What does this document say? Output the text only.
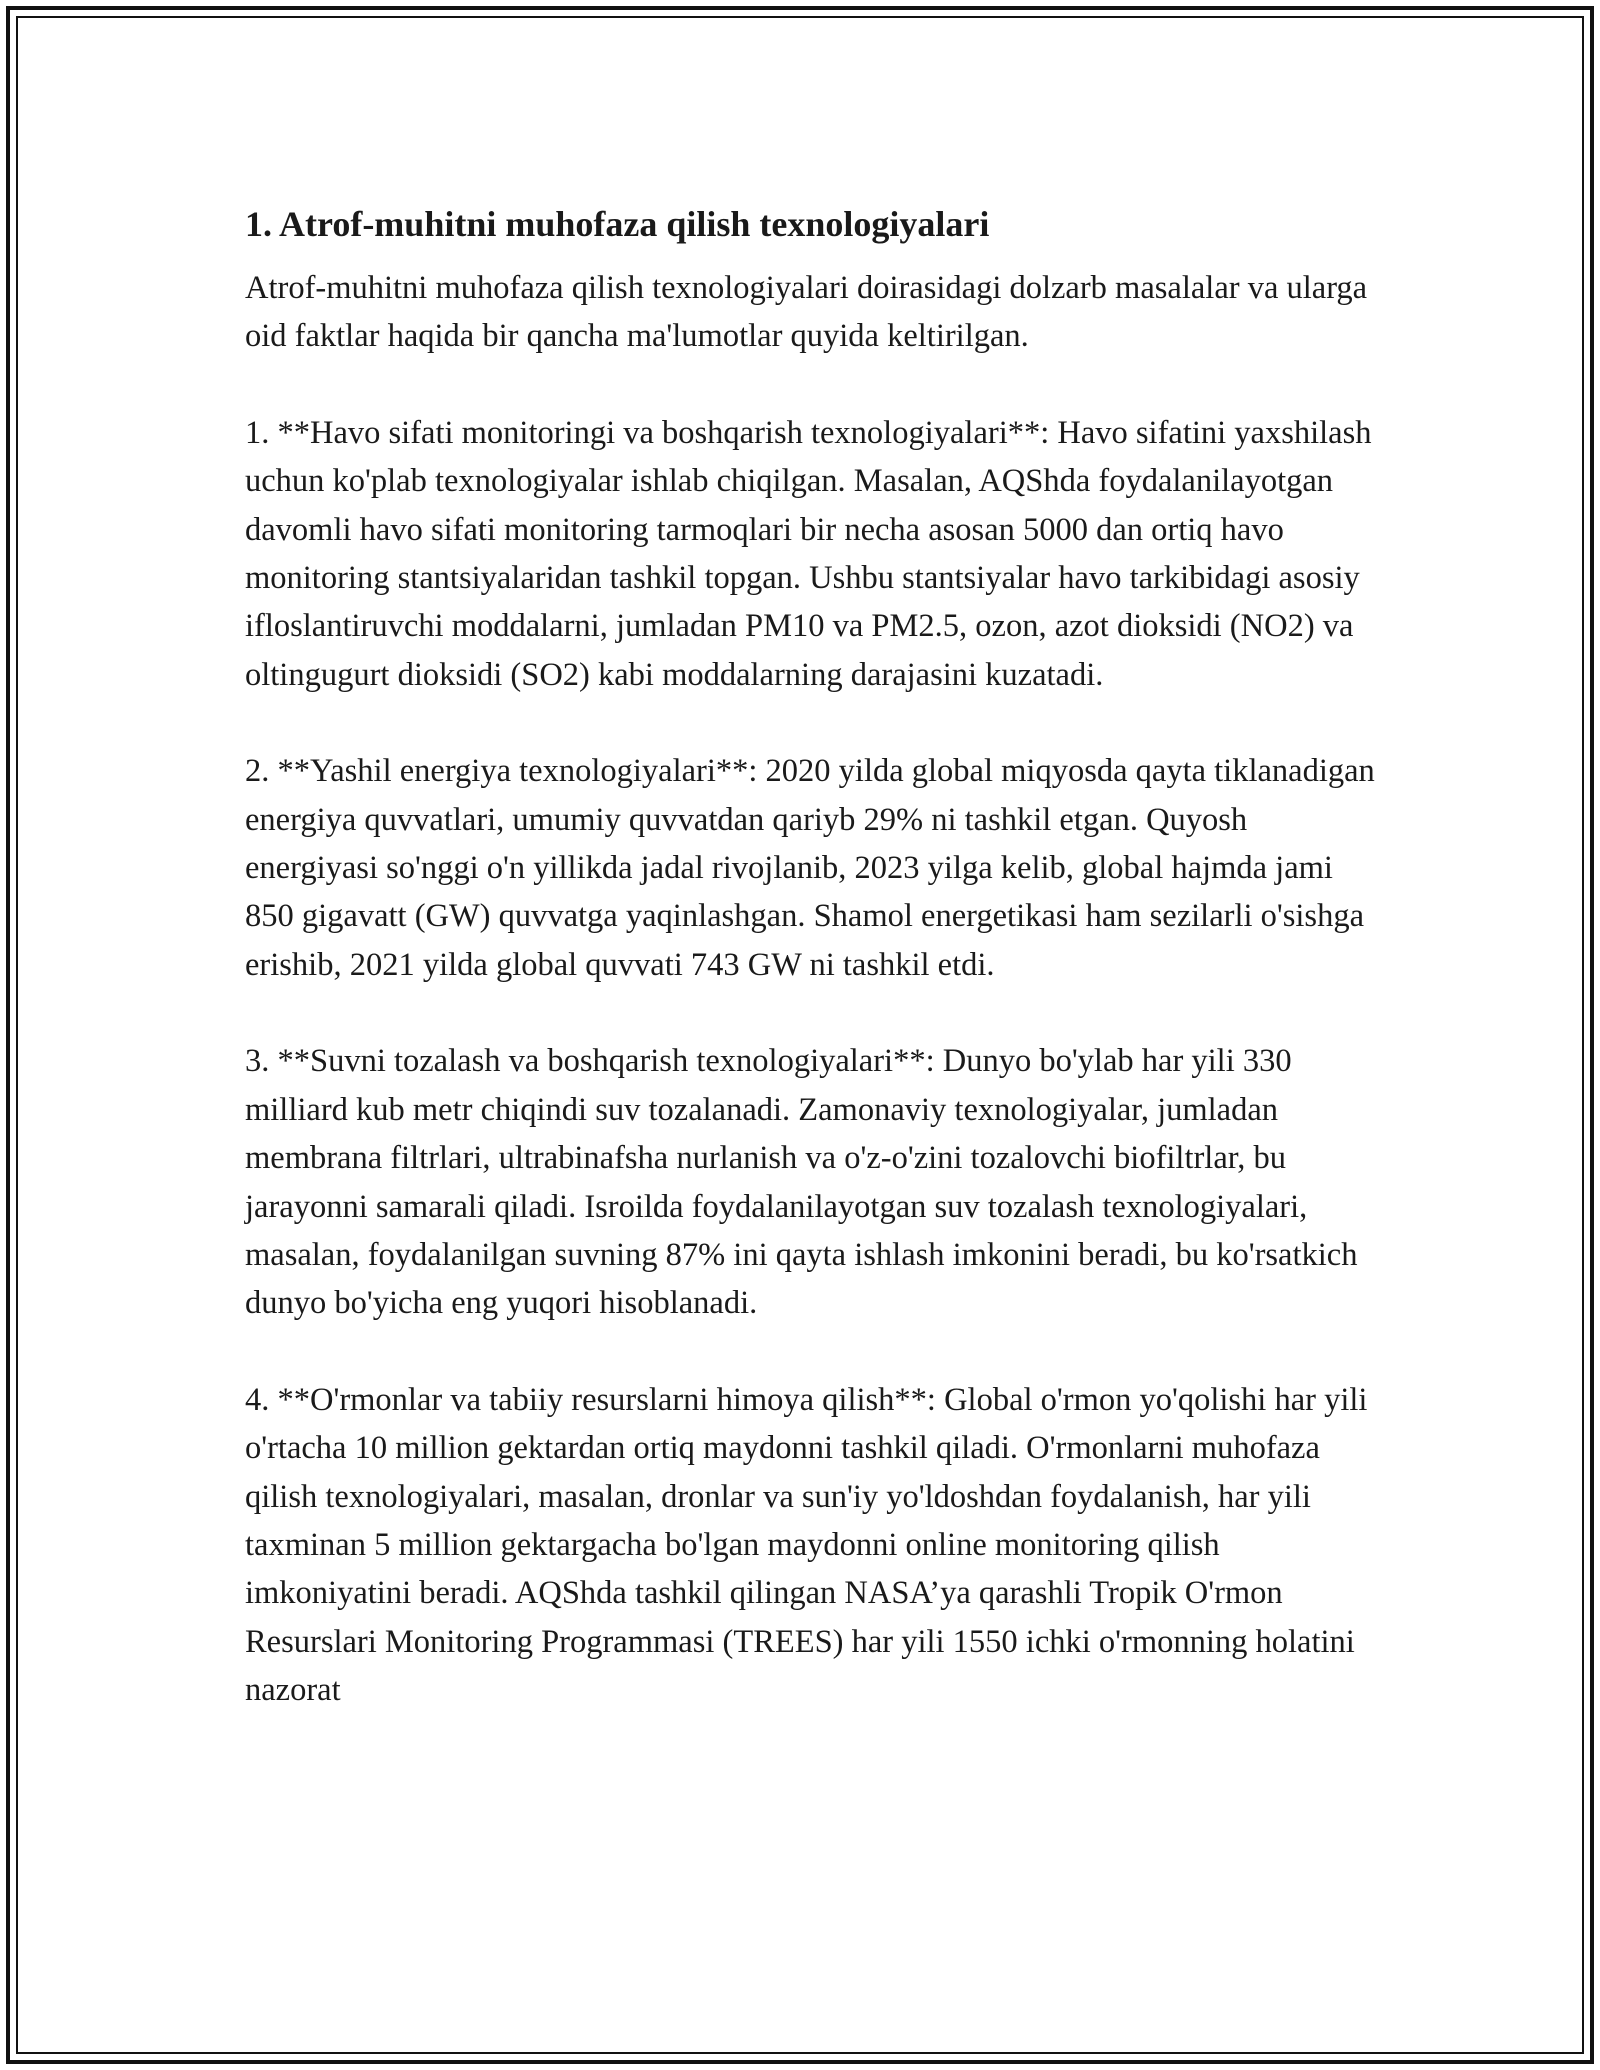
1. Atrof-muhitni muhofaza qilish texnologiyalari

Atrof-muhitni muhofaza qilish texnologiyalari doirasidagi dolzarb masalalar va ularga oid faktlar haqida bir qancha ma'lumotlar quyida keltirilgan.

1. **Havo sifati monitoringi va boshqarish texnologiyalari**: Havo sifatini yaxshilash uchun ko'plab texnologiyalar ishlab chiqilgan. Masalan, AQShda foydalanilayotgan davomli havo sifati monitoring tarmoqlari bir necha asosan 5000 dan ortiq havo monitoring stantsiyalaridan tashkil topgan. Ushbu stantsiyalar havo tarkibidagi asosiy ifloslantiruvchi moddalarni, jumladan PM10 va PM2.5, ozon, azot dioksidi (NO2) va oltingugurt dioksidi (SO2) kabi moddalarning darajasini kuzatadi.

2. **Yashil energiya texnologiyalari**: 2020 yilda global miqyosda qayta tiklanadigan energiya quvvatlari, umumiy quvvatdan qariyb 29% ni tashkil etgan. Quyosh energiyasi so'nggi o'n yillikda jadal rivojlanib, 2023 yilga kelib, global hajmda jami 850 gigavatt (GW) quvvatga yaqinlashgan. Shamol energetikasi ham sezilarli o'sishga erishib, 2021 yilda global quvvati 743 GW ni tashkil etdi.

3. **Suvni tozalash va boshqarish texnologiyalari**: Dunyo bo'ylab har yili 330 milliard kub metr chiqindi suv tozalanadi. Zamonaviy texnologiyalar, jumladan membrana filtrlari, ultrabinafsha nurlanish va o'z-o'zini tozalovchi biofiltrlar, bu jarayonni samarali qiladi. Isroilda foydalanilayotgan suv tozalash texnologiyalari, masalan, foydalanilgan suvning 87% ini qayta ishlash imkonini beradi, bu ko'rsatkich dunyo bo'yicha eng yuqori hisoblanadi.

4. **O'rmonlar va tabiiy resurslarni himoya qilish**: Global o'rmon yo'qolishi har yili o'rtacha 10 million gektardan ortiq maydonni tashkil qiladi. O'rmonlarni muhofaza qilish texnologiyalari, masalan, dronlar va sun'iy yo'ldoshdan foydalanish, har yili taxminan 5 million gektargacha bo'lgan maydonni online monitoring qilish imkoniyatini beradi. AQShda tashkil qilingan NASA’ya qarashli Tropik O'rmon Resurslari Monitoring Programmasi (TREES) har yili 1550 ichki o'rmonning holatini nazorat
